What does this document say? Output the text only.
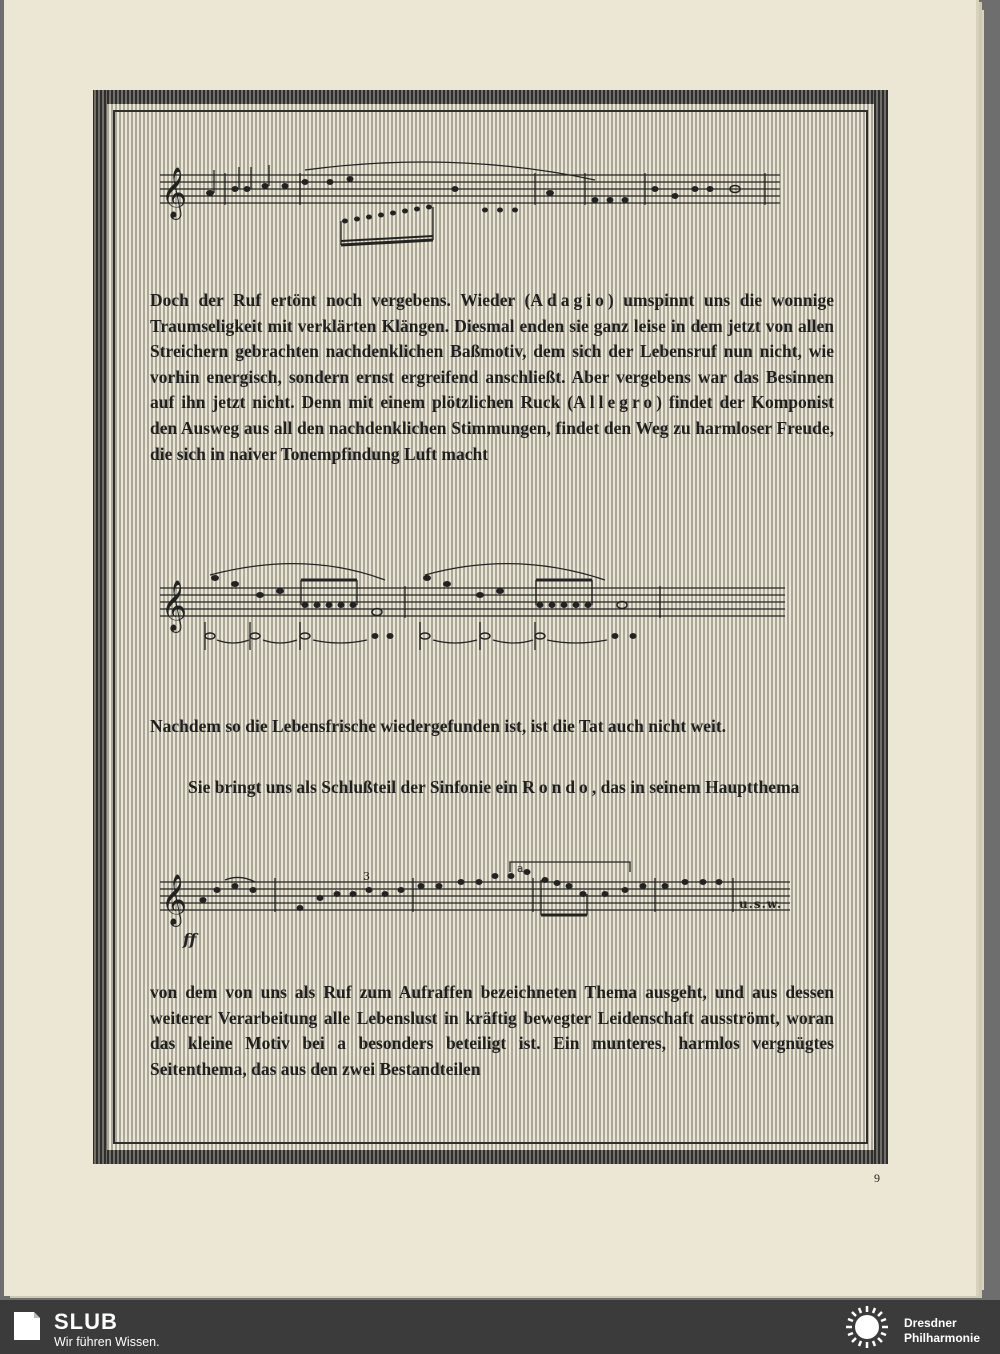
𝄞

Doch der Ruf ertönt noch vergebens. Wieder (Adagio) umspinnt uns die wonnige Traumseligkeit mit verklärten Klängen. Diesmal enden sie ganz leise in dem jetzt von allen Streichern gebrachten nachdenklichen Baßmotiv, dem sich der Lebensruf nun nicht, wie vorhin energisch, sondern ernst ergreifend anschließt. Aber vergebens war das Besinnen auf ihn jetzt nicht. Denn mit einem plötzlichen Ruck (Allegro) findet der Komponist den Ausweg aus all den nachdenklichen Stimmungen, findet den Weg zu harmloser Freude, die sich in naiver Tonempfindung Luft macht

𝄞

Nachdem so die Lebensfrische wiedergefunden ist, ist die Tat auch nicht weit.

Sie bringt uns als Schlußteil der Sinfonie ein Rondo, das in seinem Hauptthema

𝄞
ff
3
a
u.s.w.

von dem von uns als Ruf zum Aufraffen bezeichneten Thema ausgeht, und aus dessen weiterer Verarbeitung alle Lebenslust in kräftig bewegter Leidenschaft ausströmt, woran das kleine Motiv bei a besonders beteiligt ist. Ein munteres, harmlos vergnügtes Seitenthema, das aus den zwei Bestandteilen

9
SLUB
Wir führen Wissen.
Dresdner
Philharmonie
